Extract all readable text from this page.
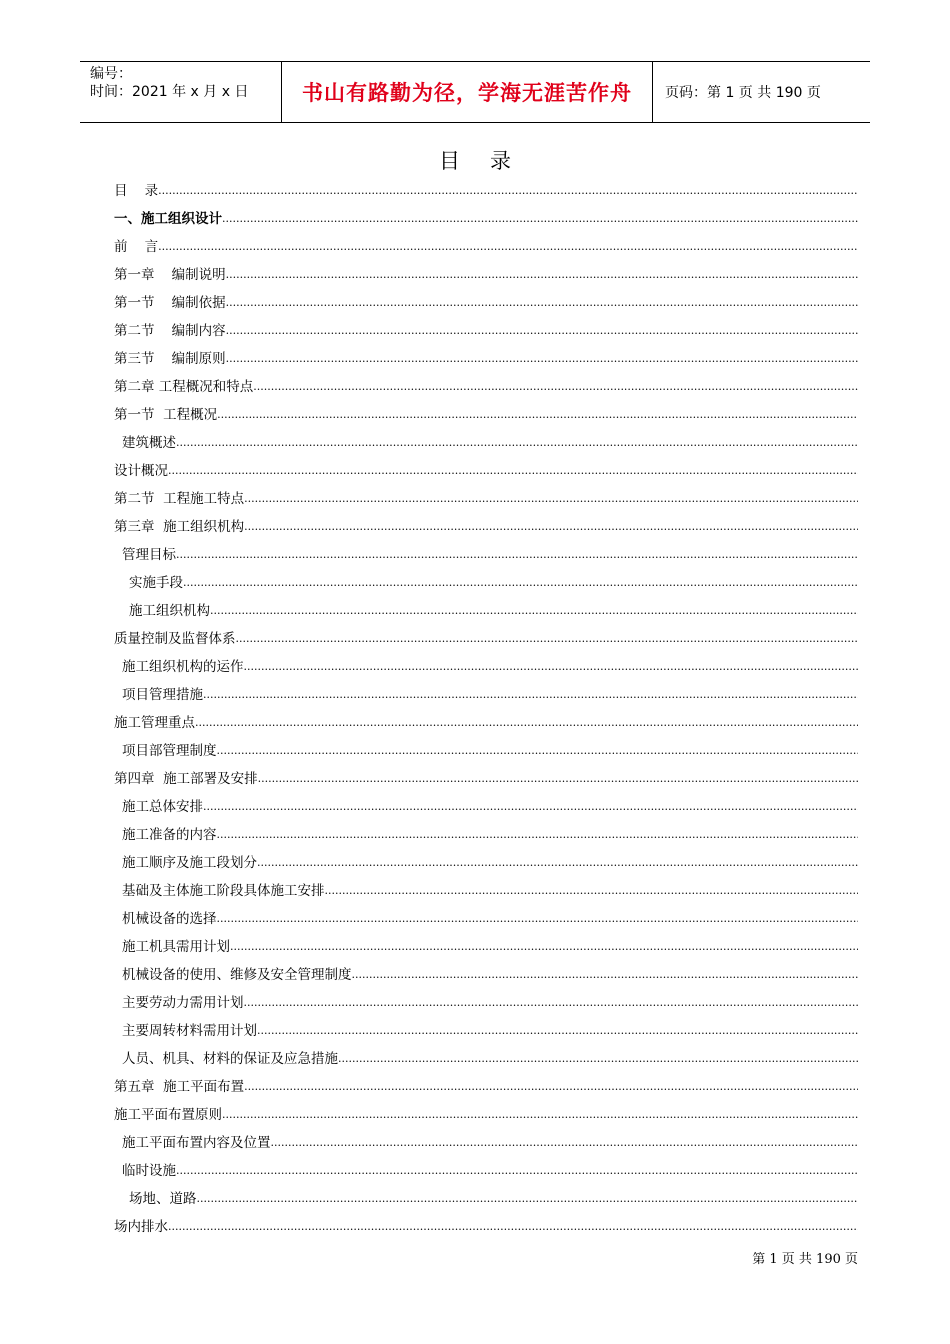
编号：
时间：2021 年 x 月 x 日	书山有路勤为径，学海无涯苦作舟 页码：第 1 页 共 190 页
目录
目    录
.....
一、施工组织设计
.....
前    言
.....
第一章    编制说明
.....
第一节    编制依据
.....
第二节    编制内容
.....
第三节    编制原则
.....
第二章 工程概况和特点
.....
第一节  工程概况
.....
建筑概述
.....
设计概况
.....
第二节  工程施工特点
.....
第三章  施工组织机构
.....
管理目标
.....
实施手段
.....
施工组织机构
.....
质量控制及监督体系
.....
施工组织机构的运作
.....
项目管理措施
.....
施工管理重点
.....
项目部管理制度
.....
第四章  施工部署及安排
.....
施工总体安排
.....
施工准备的内容
.....
施工顺序及施工段划分
.....
基础及主体施工阶段具体施工安排
.....
机械设备的选择
.....
施工机具需用计划
.....
机械设备的使用、维修及安全管理制度
.....
主要劳动力需用计划
.....
主要周转材料需用计划
.....
人员、机具、材料的保证及应急措施
.....
第五章  施工平面布置
.....
施工平面布置原则
.....
施工平面布置内容及位置
.....
临时设施
.....
场地、道路
.....
场内排水
.....
第 1 页 共 190 页
